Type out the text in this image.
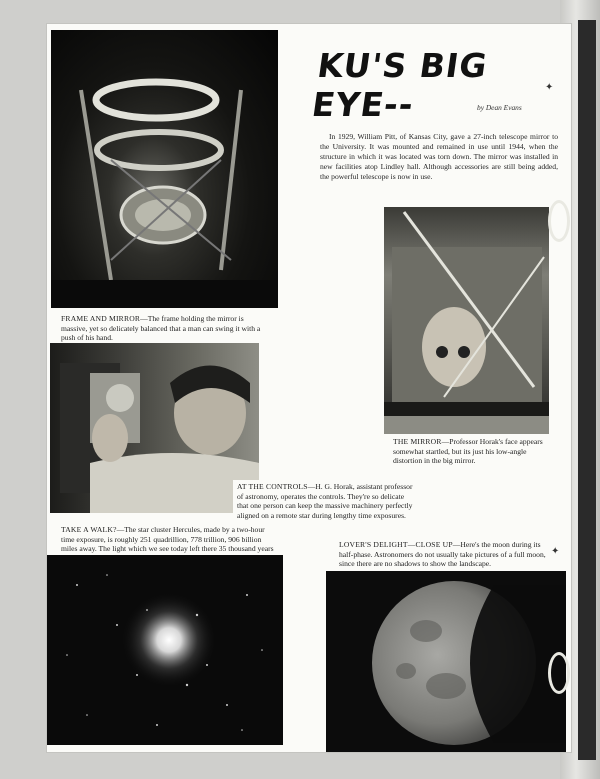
FRAME AND MIRROR—The frame holding the mirror is massive, yet so delicately balanced that a man can swing it with a push of his hand.
KU'S BIG EYE--	by Dean Evans
In 1929, William Pitt, of Kansas City, gave a 27-inch telescope mirror to the University. It was mounted and remained in use until 1944, when the structure in which it was located was torn down. The mirror was installed in new facilities atop Lindley hall. Although accessories are still being added, the powerful telescope is now in use.
THE MIRROR—Professor Horak's face appears somewhat startled, but its just his low-angle distortion in the big mirror.
AT THE CONTROLS—H. G. Horak, assistant professor of astronomy, operates the controls. They're so delicate that one person can keep the massive machinery perfectly aligned on a remote star during lengthy time exposures.
TAKE A WALK?—The star cluster Hercules, made by a two-hour time exposure, is roughly 251 quadrillion, 778 trillion, 906 billion miles away. The light which we see today left there 35 thousand years	LOVER'S DELIGHT—CLOSE UP—Here's the moon during its half-phase. Astronomers do not usually take pictures of a full moon, since there are no shadows to show the landscape.
✦
✦
